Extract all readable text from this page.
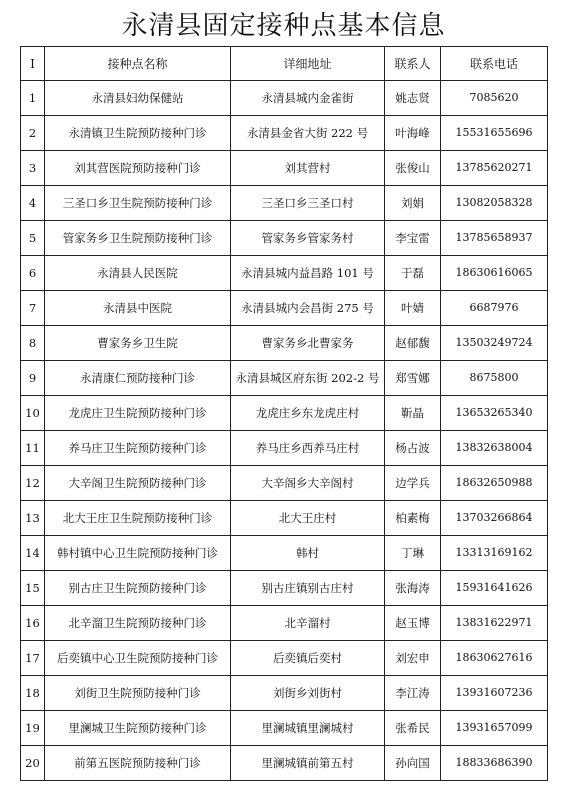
永清县固定接种点基本信息
I	接种点名称	详细地址	联系人	联系电话
1	永清县妇幼保健站	永清县城内金雀街	姚志贤	7085620
2	永清镇卫生院预防接种门诊	永清县金省大街 222 号	叶海峰	15531655696
3	刘其营医院预防接种门诊	刘其营村	张俊山	13785620271
4	三圣口乡卫生院预防接种门诊	三圣口乡三圣口村	刘娟	13082058328
5	管家务乡卫生院预防接种门诊	管家务乡管家务村	李宝雷	13785658937
6	永清县人民医院	永清县城内益昌路 101 号	于磊	18630616065
7	永清县中医院	永清县城内会昌街 275 号	叶婧	6687976
8	曹家务乡卫生院	曹家务乡北曹家务	赵郁馥	13503249724
9	永清康仁预防接种门诊	永清县城区府东街 202-2 号	郑雪娜	8675800
10	龙虎庄卫生院预防接种门诊	龙虎庄乡东龙虎庄村	靳晶	13653265340
11	养马庄卫生院预防接种门诊	养马庄乡西养马庄村	杨占波	13832638004
12	大辛阁卫生院预防接种门诊	大辛阁乡大辛阁村	边学兵	18632650988
13	北大王庄卫生院预防接种门诊	北大王庄村	柏素梅	13703266864
14	韩村镇中心卫生院预防接种门诊	韩村	丁琳	13313169162
15	别古庄卫生院预防接种门诊	别古庄镇别古庄村	张海涛	15931641626
16	北辛溜卫生院预防接种门诊	北辛溜村	赵玉博	13831622971
17	后奕镇中心卫生院预防接种门诊	后奕镇后奕村	刘宏申	18630627616
18	刘街卫生院预防接种门诊	刘街乡刘街村	李江涛	13931607236
19	里澜城卫生院预防接种门诊	里澜城镇里澜城村	张希民	13931657099
20	前第五医院预防接种门诊	里澜城镇前第五村	孙向国	18833686390
